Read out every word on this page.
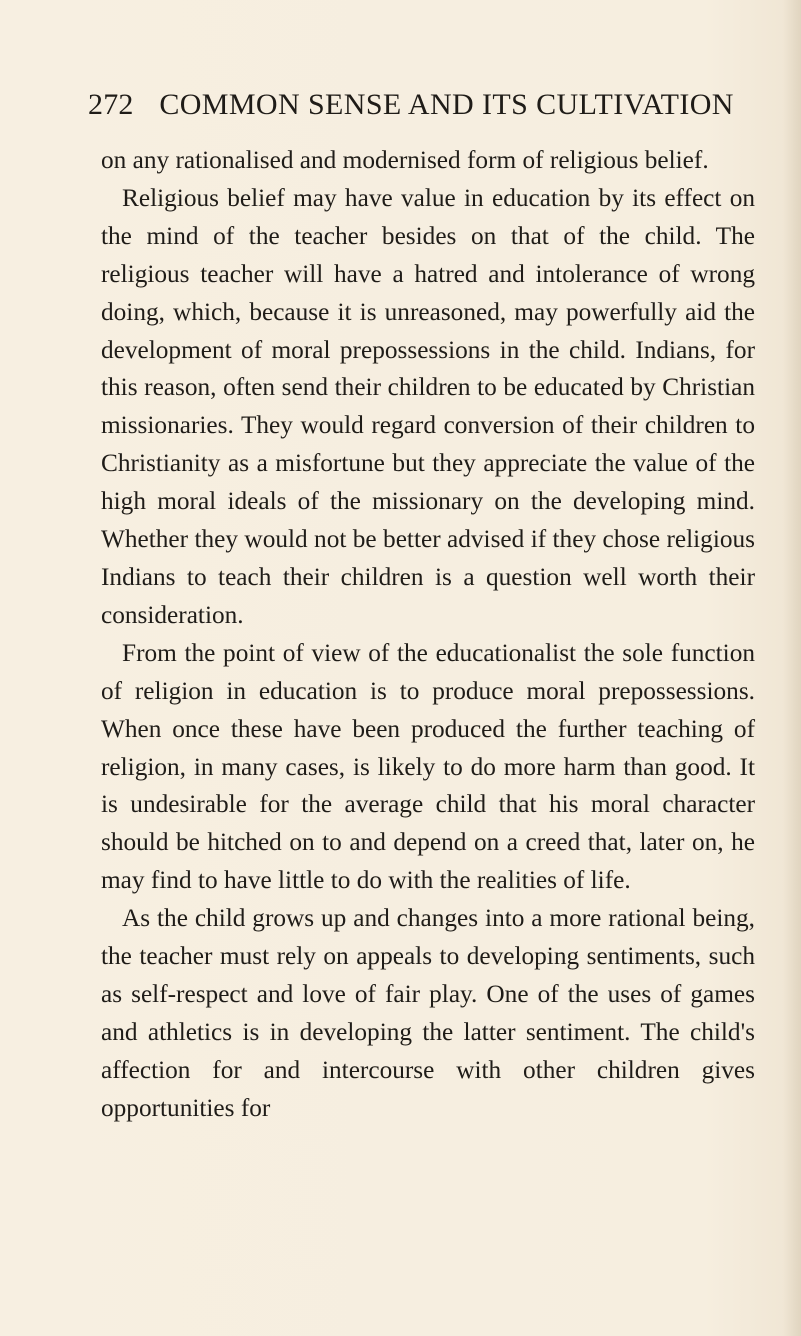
272 COMMON SENSE AND ITS CULTIVATION

on any rationalised and modernised form of religious belief.

Religious belief may have value in education by its effect on the mind of the teacher besides on that of the child. The religious teacher will have a hatred and intolerance of wrong doing, which, because it is unreasoned, may powerfully aid the development of moral prepossessions in the child. Indians, for this reason, often send their children to be educated by Christian missionaries. They would regard conversion of their children to Christianity as a misfortune but they appreciate the value of the high moral ideals of the missionary on the developing mind. Whether they would not be better advised if they chose religious Indians to teach their children is a question well worth their consideration.

From the point of view of the educationalist the sole function of religion in education is to produce moral prepossessions. When once these have been produced the further teaching of religion, in many cases, is likely to do more harm than good. It is undesirable for the average child that his moral character should be hitched on to and depend on a creed that, later on, he may find to have little to do with the realities of life.

As the child grows up and changes into a more rational being, the teacher must rely on appeals to developing sentiments, such as self-respect and love of fair play. One of the uses of games and athletics is in developing the latter sentiment. The child's affection for and intercourse with other children gives opportunities for
